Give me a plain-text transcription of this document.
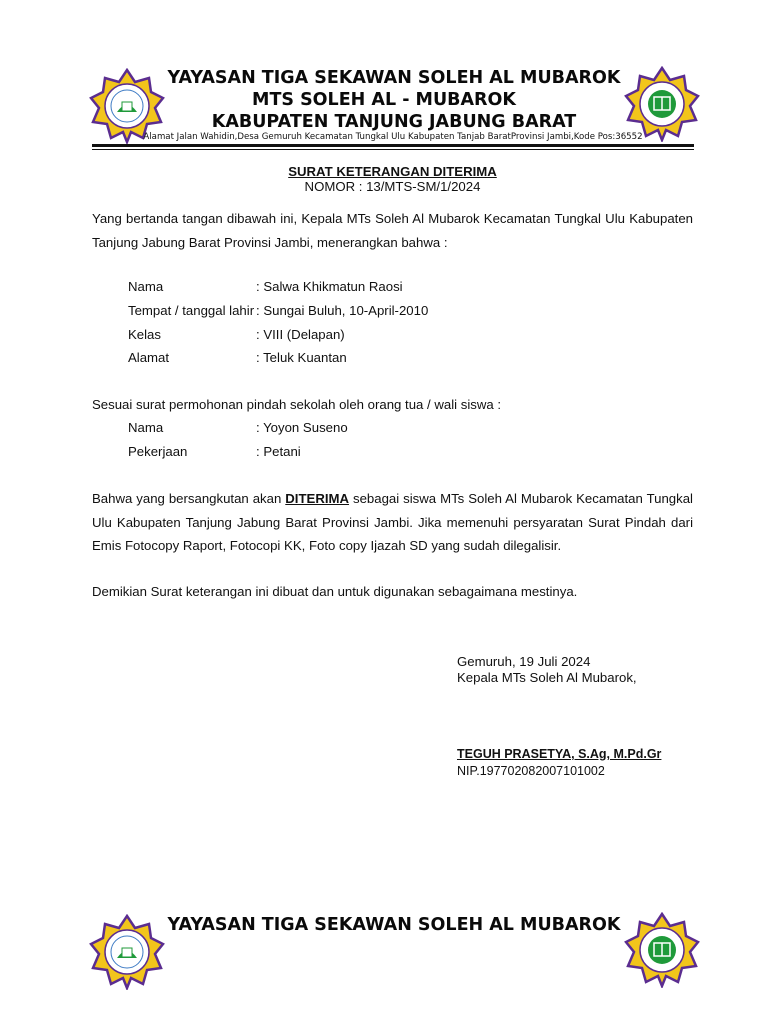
YAYASAN TIGA SEKAWAN SOLEH AL MUBAROK
MTS SOLEH AL - MUBAROK
KABUPATEN TANJUNG JABUNG BARAT
Alamat Jalan Wahidin,Desa Gemuruh Kecamatan Tungkal Ulu Kabupaten Tanjab BaratProvinsi Jambi,Kode Pos:36552
SURAT KETERANGAN DITERIMA
NOMOR : 13/MTS-SM/1/2024
Yang bertanda tangan dibawah ini, Kepala MTs Soleh Al Mubarok Kecamatan Tungkal Ulu Kabupaten Tanjung Jabung Barat Provinsi Jambi, menerangkan bahwa :
Nama	: Salwa Khikmatun Raosi
Tempat / tanggal lahir : Sungai Buluh, 10-April-2010
Kelas	: VIII (Delapan)
Alamat	: Teluk Kuantan
Sesuai surat permohonan pindah sekolah oleh orang tua / wali siswa :
Nama	: Yoyon Suseno
Pekerjaan	: Petani
Bahwa yang bersangkutan akan DITERIMA sebagai siswa MTs Soleh Al Mubarok Kecamatan Tungkal Ulu Kabupaten Tanjung Jabung Barat Provinsi Jambi. Jika memenuhi persyaratan Surat Pindah dari Emis Fotocopy Raport, Fotocopi KK, Foto copy Ijazah SD yang sudah dilegalisir.
Demikian Surat keterangan ini dibuat dan untuk digunakan sebagaimana mestinya.
Gemuruh, 19 Juli 2024
Kepala MTs Soleh Al Mubarok,
TEGUH PRASETYA, S.Ag, M.Pd.Gr
NIP.197702082007101002
YAYASAN TIGA SEKAWAN SOLEH AL MUBAROK
